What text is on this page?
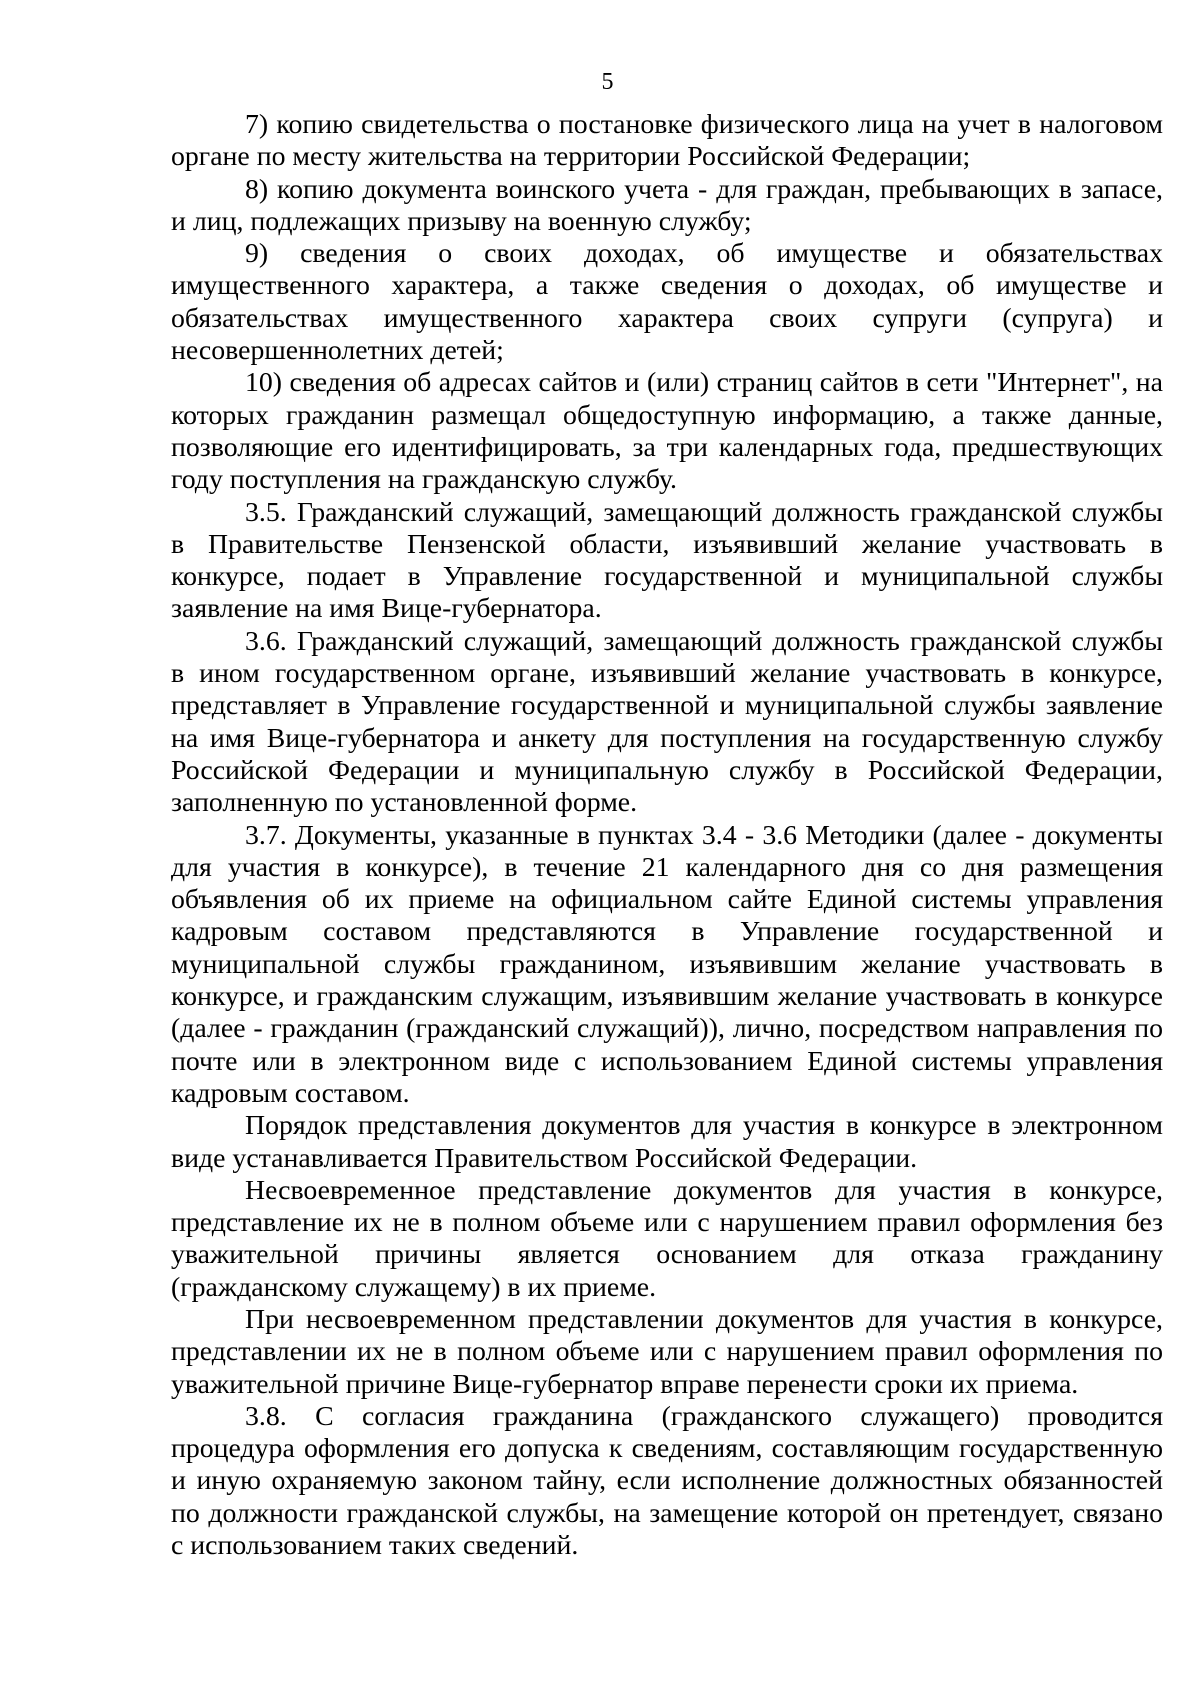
5

7) копию свидетельства о постановке физического лица на учет в налоговом органе по месту жительства на территории Российской Федерации;

8) копию документа воинского учета - для граждан, пребывающих в запасе, и лиц, подлежащих призыву на военную службу;

9) сведения о своих доходах, об имуществе и обязательствах имущественного характера, а также сведения о доходах, об имуществе и обязательствах имущественного характера своих супруги (супруга) и несовершеннолетних детей;

10) сведения об адресах сайтов и (или) страниц сайтов в сети "Интернет", на которых гражданин размещал общедоступную информацию, а также данные, позволяющие его идентифицировать, за три календарных года, предшествующих году поступления на гражданскую службу.

3.5. Гражданский служащий, замещающий должность гражданской службы в Правительстве Пензенской области, изъявивший желание участвовать в конкурсе, подает в Управление государственной и муниципальной службы заявление на имя Вице-губернатора.

3.6. Гражданский служащий, замещающий должность гражданской службы в ином государственном органе, изъявивший желание участвовать в конкурсе, представляет в Управление государственной и муниципальной службы заявление на имя Вице-губернатора и анкету для поступления на государственную службу Российской Федерации и муниципальную службу в Российской Федерации, заполненную по установленной форме.

3.7. Документы, указанные в пунктах 3.4 - 3.6 Методики (далее - документы для участия в конкурсе), в течение 21 календарного дня со дня размещения объявления об их приеме на официальном сайте Единой системы управления кадровым составом представляются в Управление государственной и муниципальной службы гражданином, изъявившим желание участвовать в конкурсе, и гражданским служащим, изъявившим желание участвовать в конкурсе (далее - гражданин (гражданский служащий)), лично, посредством направления по почте или в электронном виде с использованием Единой системы управления кадровым составом.

Порядок представления документов для участия в конкурсе в электронном виде устанавливается Правительством Российской Федерации.

Несвоевременное представление документов для участия в конкурсе, представление их не в полном объеме или с нарушением правил оформления без уважительной причины является основанием для отказа гражданину (гражданскому служащему) в их приеме.

При несвоевременном представлении документов для участия в конкурсе, представлении их не в полном объеме или с нарушением правил оформления по уважительной причине Вице-губернатор вправе перенести сроки их приема.

3.8. С согласия гражданина (гражданского служащего) проводится процедура оформления его допуска к сведениям, составляющим государственную и иную охраняемую законом тайну, если исполнение должностных обязанностей по должности гражданской службы, на замещение которой он претендует, связано с использованием таких сведений.
